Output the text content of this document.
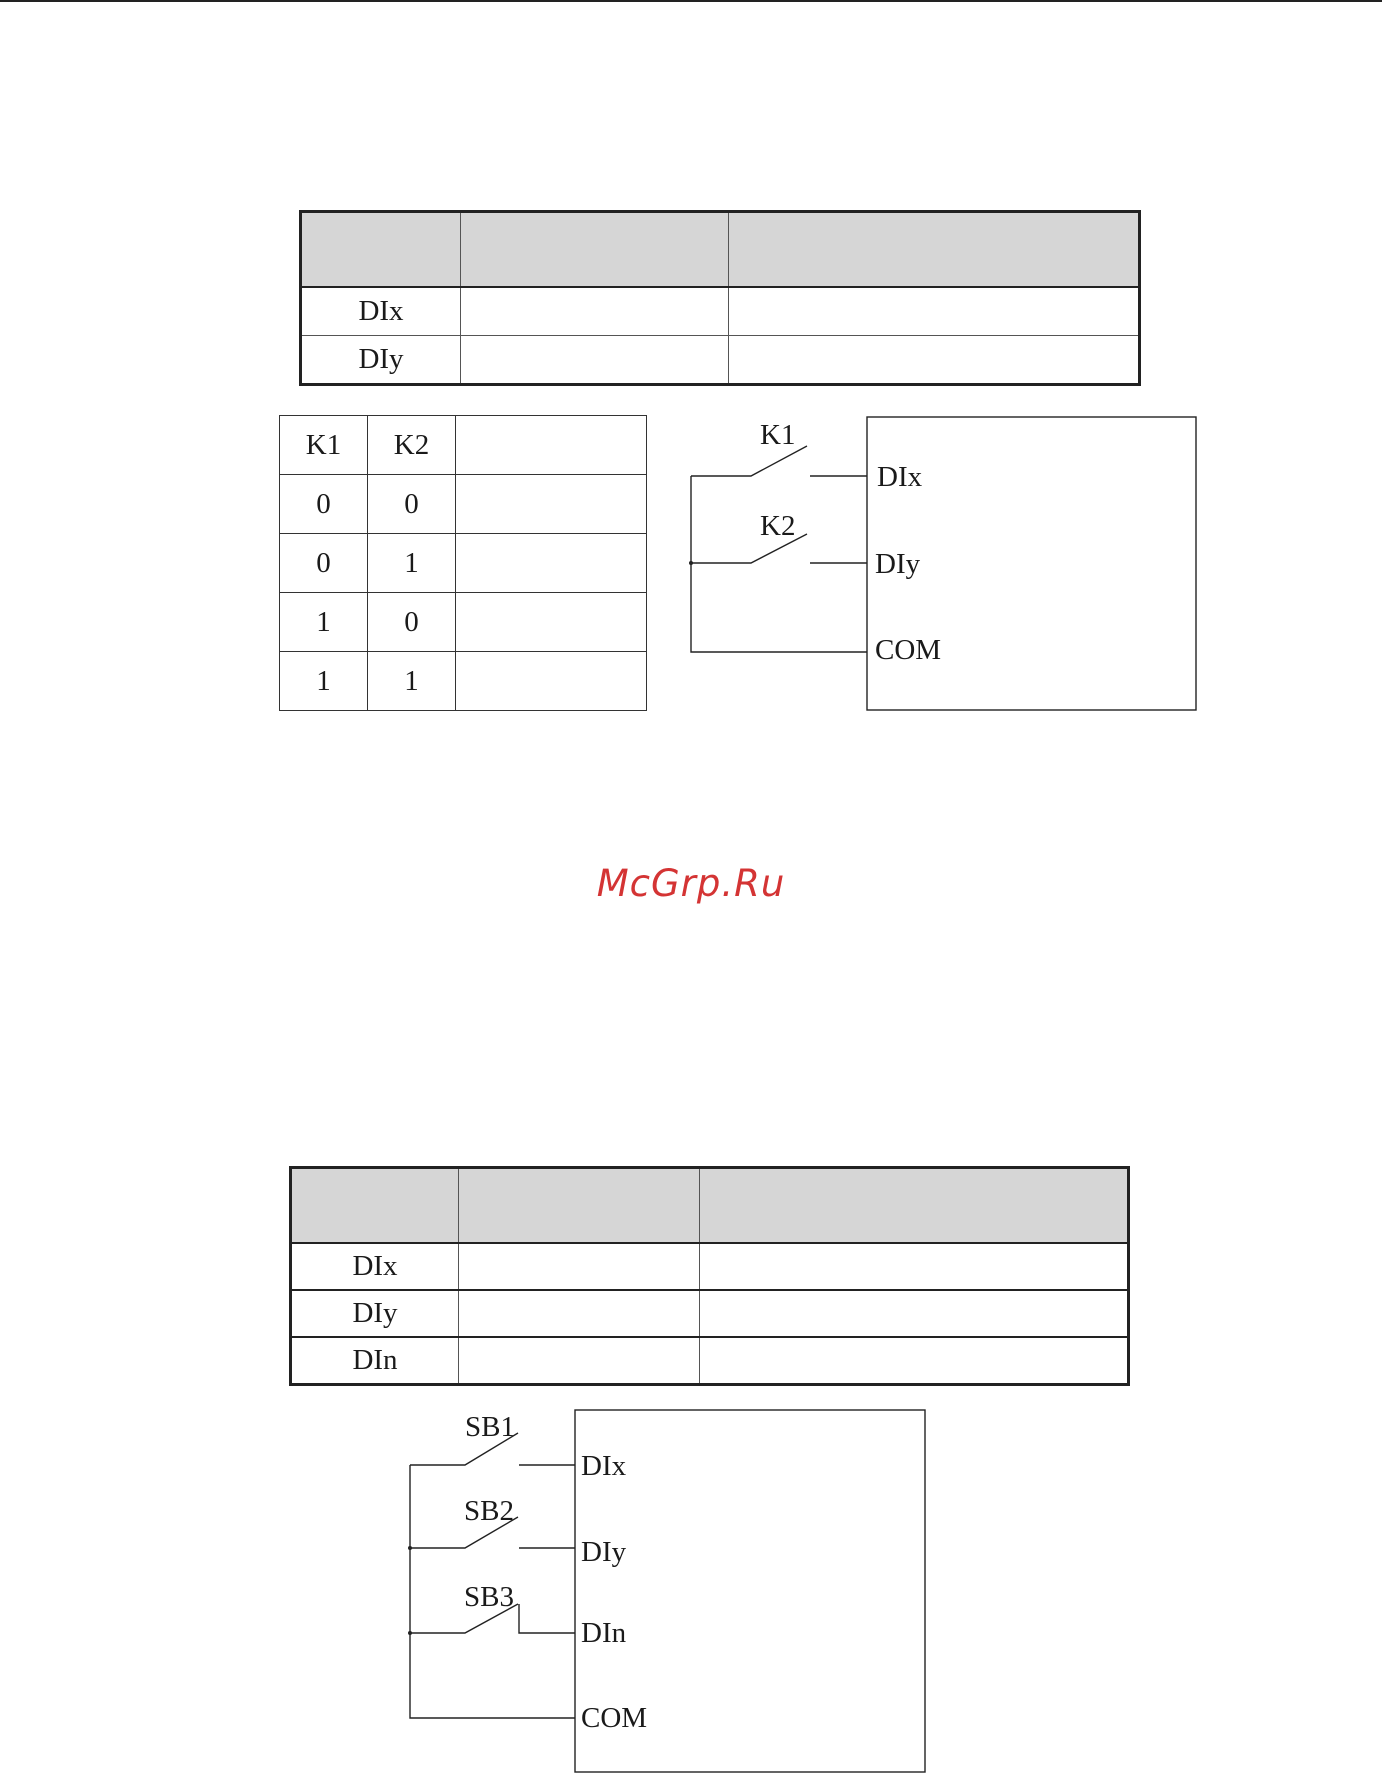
DIx		
DIy		
K1	K2	
0	0	
0	1	
1	0	
1	1	
K1
K2
DIx
DIy
COM
McGrp.Ru

DIx		
DIy		
DIn		
SB1
SB2
SB3
DIx
DIy
DIn
COM
